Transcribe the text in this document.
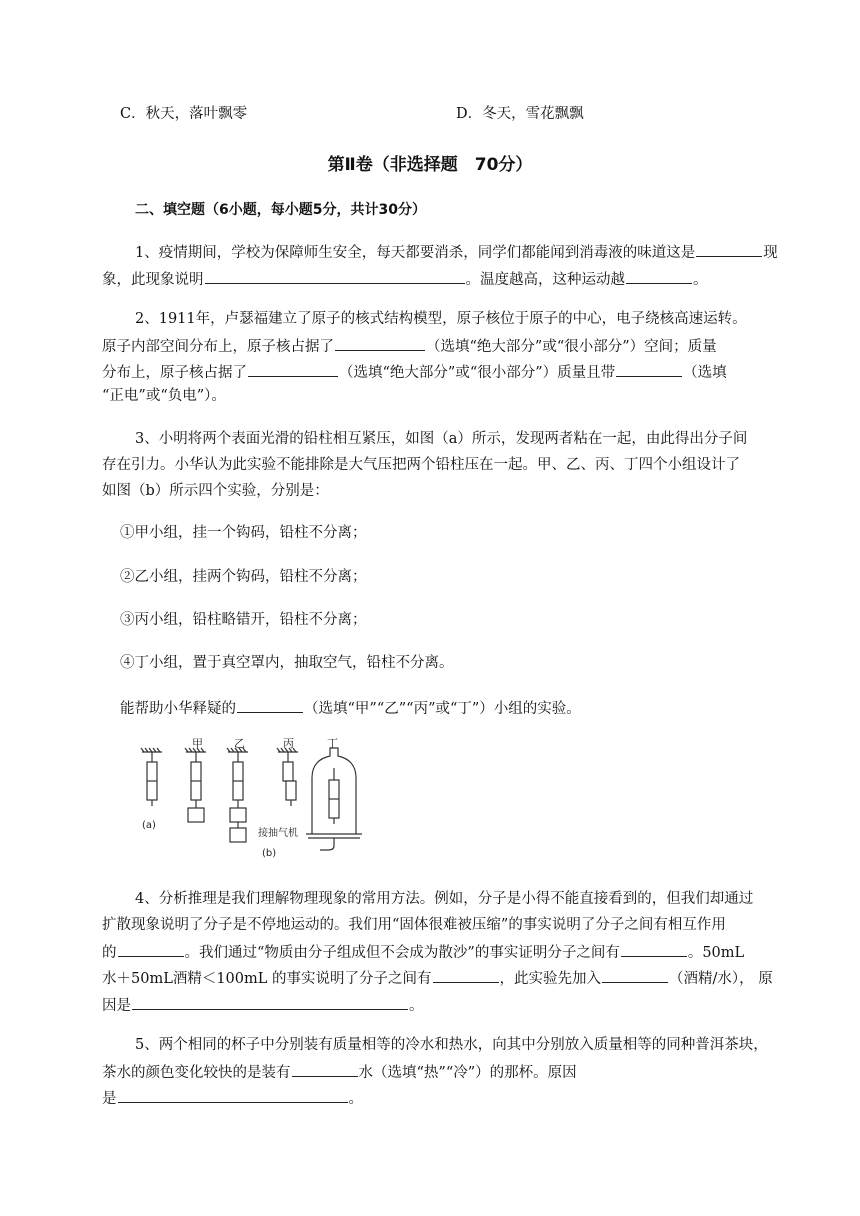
C．秋天，落叶飘零	D．冬天，雪花飘飘
第Ⅱ卷（非选择题　70分）
二、填空题（6小题，每小题5分，共计30分）
1、疫情期间，学校为保障师生安全，每天都要消杀，同学们都能闻到消毒液的味道这是	现
象，此现象说明	。温度越高，这种运动越	。
2、1911年，卢瑟福建立了原子的核式结构模型，原子核位于原子的中心，电子绕核高速运转。
原子内部空间分布上，原子核占据了	（选填“绝大部分”或“很小部分”）空间；质量
分布上，原子核占据了	（选填“绝大部分”或“很小部分”）质量且带	（选填
“正电”或“负电”）。
3、小明将两个表面光滑的铅柱相互紧压，如图（a）所示，发现两者粘在一起，由此得出分子间
存在引力。小华认为此实验不能排除是大气压把两个铅柱压在一起。甲、乙、丙、丁四个小组设计了
如图（b）所示四个实验，分别是：
①甲小组，挂一个钩码，铅柱不分离；
②乙小组，挂两个钩码，铅柱不分离；
③丙小组，铅柱略错开，铅柱不分离；
④丁小组，置于真空罩内，抽取空气，铅柱不分离。
能帮助小华释疑的	（选填“甲”“乙”“丙”或“丁”）小组的实验。
甲	乙	丙	丁
(a)
(b)
接抽气机
4、分析推理是我们理解物理现象的常用方法。例如，分子是小得不能直接看到的，但我们却通过
扩散现象说明了分子是不停地运动的。我们用“固体很难被压缩”的事实说明了分子之间有相互作用
的	。我们通过“物质由分子组成但不会成为散沙”的事实证明分子之间有	。50mL
水＋50mL酒精＜100mL 的事实说明了分子之间有	，此实验先加入	（酒精/水）， 原
因是	。
5、两个相同的杯子中分别装有质量相等的冷水和热水，向其中分别放入质量相等的同种普洱茶块，
茶水的颜色变化较快的是装有	水（选填“热”“冷”）的那杯。原因
是	。
